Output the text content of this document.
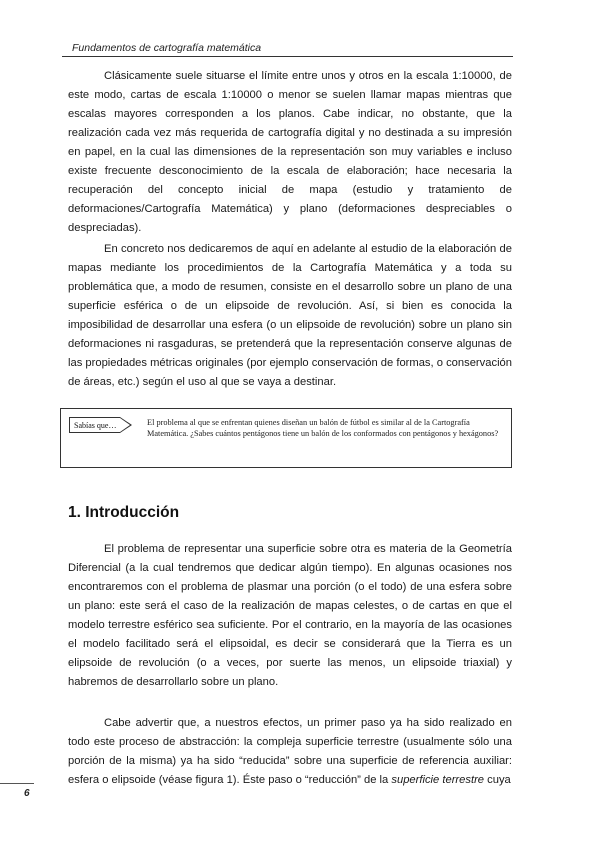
Fundamentos de cartografía matemática

Clásicamente suele situarse el límite entre unos y otros en la escala 1:10000, de este modo, cartas de escala 1:10000 o menor se suelen llamar mapas mientras que escalas mayores corresponden a los planos. Cabe indicar, no obstante, que la realización cada vez más requerida de cartografía digital y no destinada a su impresión en papel, en la cual las dimensiones de la representación son muy variables e incluso existe frecuente desconocimiento de la escala de elaboración; hace necesaria la recuperación del concepto inicial de mapa (estudio y tratamiento de deformaciones/Cartografía Matemática) y plano (deformaciones despreciables o despreciadas).

En concreto nos dedicaremos de aquí en adelante al estudio de la elaboración de mapas mediante los procedimientos de la Cartografía Matemática y a toda su problemática que, a modo de resumen, consiste en el desarrollo sobre un plano de una superficie esférica o de un elipsoide de revolución. Así, si bien es conocida la imposibilidad de desarrollar una esfera (o un elipsoide de revolución) sobre un plano sin deformaciones ni rasgaduras, se pretenderá que la representación conserve algunas de las propiedades métricas originales (por ejemplo conservación de formas, o conservación de áreas, etc.) según el uso al que se vaya a destinar.

Sabías que…	El problema al que se enfrentan quienes diseñan un balón de fútbol es similar al de la Cartografía Matemática. ¿Sabes cuántos pentágonos tiene un balón de los conformados con pentágonos y hexágonos?
1. Introducción

El problema de representar una superficie sobre otra es materia de la Geometría Diferencial (a la cual tendremos que dedicar algún tiempo). En algunas ocasiones nos encontraremos con el problema de plasmar una porción (o el todo) de una esfera sobre un plano: este será el caso de la realización de mapas celestes, o de cartas en que el modelo terrestre esférico sea suficiente. Por el contrario, en la mayoría de las ocasiones el modelo facilitado será el elipsoidal, es decir se considerará que la Tierra es un elipsoide de revolución (o a veces, por suerte las menos, un elipsoide triaxial) y habremos de desarrollarlo sobre un plano.

Cabe advertir que, a nuestros efectos, un primer paso ya ha sido realizado en todo este proceso de abstracción: la compleja superficie terrestre (usualmente sólo una porción de la misma) ya ha sido “reducida” sobre una superficie de referencia auxiliar: esfera o elipsoide (véase figura 1). Éste paso o “reducción” de la superficie terrestre cuya

6
